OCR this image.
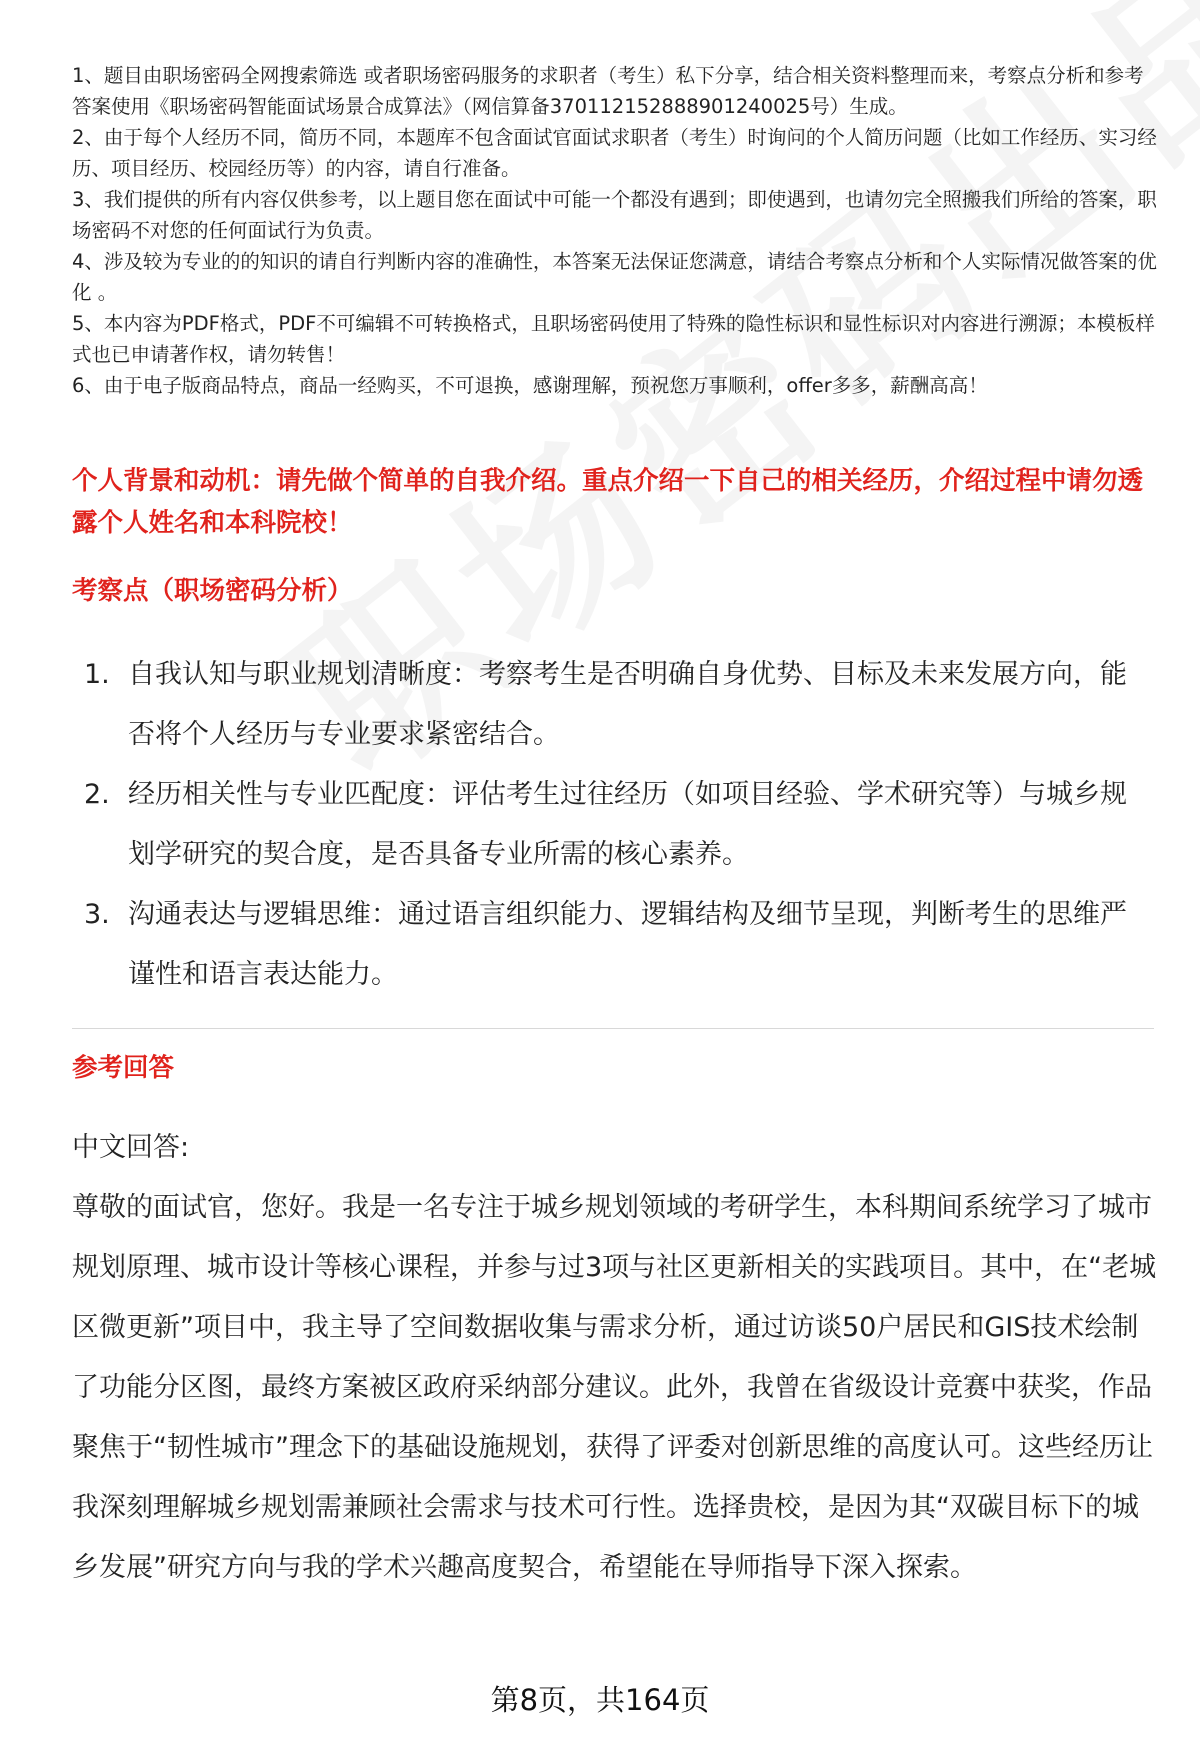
1、题目由职场密码全网搜索筛选 或者职场密码服务的求职者（考生）私下分享，结合相关资料整理而来，考察点分析和参考答案使用《职场密码智能面试场景合成算法》（网信算备370112152888901240025号）生成。

2、由于每个人经历不同，简历不同，本题库不包含面试官面试求职者（考生）时询问的个人简历问题（比如工作经历、实习经历、项目经历、校园经历等）的内容，请自行准备。

3、我们提供的所有内容仅供参考，以上题目您在面试中可能一个都没有遇到；即使遇到，也请勿完全照搬我们所给的答案，职场密码不对您的任何面试行为负责。

4、涉及较为专业的的知识的请自行判断内容的准确性，本答案无法保证您满意，请结合考察点分析和个人实际情况做答案的优化 。

5、本内容为PDF格式，PDF不可编辑不可转换格式，且职场密码使用了特殊的隐性标识和显性标识对内容进行溯源；本模板样式也已申请著作权，请勿转售！

6、由于电子版商品特点，商品一经购买，不可退换，感谢理解，预祝您万事顺利，offer多多，薪酬高高！

个人背景和动机：请先做个简单的自我介绍。重点介绍一下自己的相关经历，介绍过程中请勿透露个人姓名和本科院校！
考察点（职场密码分析）
1. 自我认知与职业规划清晰度：考察考生是否明确自身优势、目标及未来发展方向，能否将个人经历与专业要求紧密结合。
2. 经历相关性与专业匹配度：评估考生过往经历（如项目经验、学术研究等）与城乡规划学研究的契合度，是否具备专业所需的核心素养。
3. 沟通表达与逻辑思维：通过语言组织能力、逻辑结构及细节呈现，判断考生的思维严谨性和语言表达能力。
参考回答

中文回答:

尊敬的面试官，您好。我是一名专注于城乡规划领域的考研学生，本科期间系统学习了城市规划原理、城市设计等核心课程，并参与过3项与社区更新相关的实践项目。其中，在“老城区微更新”项目中，我主导了空间数据收集与需求分析，通过访谈50户居民和GIS技术绘制了功能分区图，最终方案被区政府采纳部分建议。此外，我曾在省级设计竞赛中获奖，作品聚焦于“韧性城市”理念下的基础设施规划，获得了评委对创新思维的高度认可。这些经历让我深刻理解城乡规划需兼顾社会需求与技术可行性。选择贵校，是因为其“双碳目标下的城乡发展”研究方向与我的学术兴趣高度契合，希望能在导师指导下深入探索。

第8页，共164页
